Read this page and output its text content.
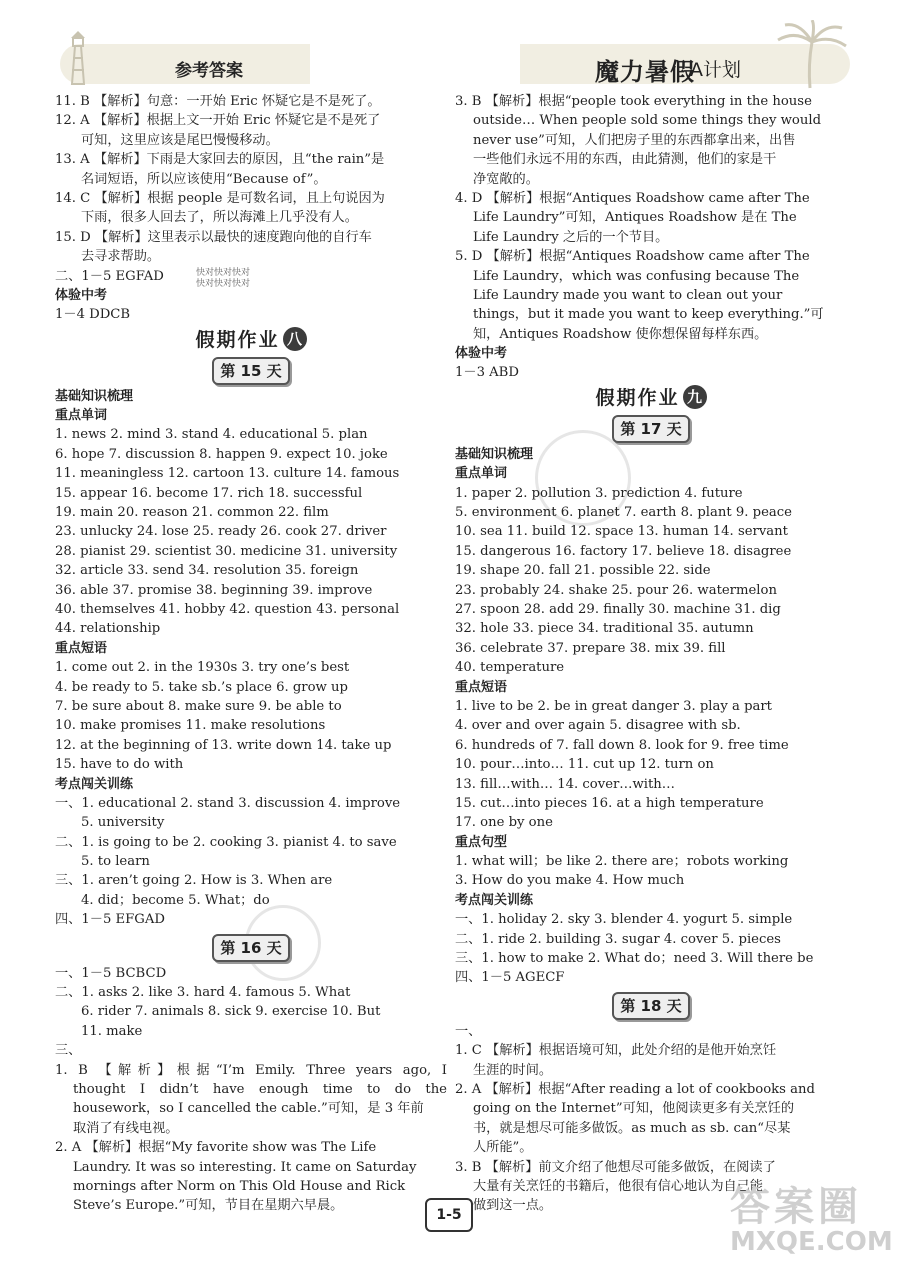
参考答案	魔力暑假
A计划
11. B 【解析】句意：一开始 Eric 怀疑它是不是死了。
12. A 【解析】根据上文一开始 Eric 怀疑它是不是死了
可知，这里应该是尾巴慢慢移动。
13. A 【解析】下雨是大家回去的原因，且“the rain”是
名词短语，所以应该使用“Because of”。
14. C 【解析】根据 people 是可数名词，且上句说因为
下雨，很多人回去了，所以海滩上几乎没有人。
15. D 【解析】这里表示以最快的速度跑向他的自行车
去寻求帮助。
二、1－5 EGFAD
体验中考
1－4 DDCB
假期作业 八
第 15 天
基础知识梳理
重点单词
1. news 2. mind 3. stand 4. educational 5. plan
6. hope 7. discussion 8. happen 9. expect 10. joke
11. meaningless 12. cartoon 13. culture 14. famous
15. appear 16. become 17. rich 18. successful
19. main 20. reason 21. common 22. film
23. unlucky 24. lose 25. ready 26. cook 27. driver
28. pianist 29. scientist 30. medicine 31. university
32. article 33. send 34. resolution 35. foreign
36. able 37. promise 38. beginning 39. improve
40. themselves 41. hobby 42. question 43. personal
44. relationship
重点短语
1. come out 2. in the 1930s 3. try one’s best
4. be ready to 5. take sb.’s place 6. grow up
7. be sure about 8. make sure 9. be able to
10. make promises 11. make resolutions
12. at the beginning of 13. write down 14. take up
15. have to do with
考点闯关训练
一、1. educational 2. stand 3. discussion 4. improve
5. university
二、1. is going to be 2. cooking 3. pianist 4. to save
5. to learn
三、1. aren’t going 2. How is 3. When are
4. did；become 5. What；do
四、1－5 EFGAD
第 16 天
一、1－5 BCBCD
二、1. asks 2. like 3. hard 4. famous 5. What
6. rider 7. animals 8. sick 9. exercise 10. But
11. make
三、
1. B 【解析】根据“I’m Emily. Three years ago, I
thought I didn’t have enough time to do the
housework，so I cancelled the cable.”可知，是 3 年前
取消了有线电视。
2. A 【解析】根据“My favorite show was The Life
Laundry. It was so interesting. It came on Saturday
mornings after Norm on This Old House and Rick
Steve’s Europe.”可知，节目在星期六早晨。
3. B 【解析】根据“people took everything in the house
outside… When people sold some things they would
never use”可知，人们把房子里的东西都拿出来，出售
一些他们永远不用的东西，由此猜测，他们的家是干
净宽敞的。
4. D 【解析】根据“Antiques Roadshow came after The
Life Laundry”可知，Antiques Roadshow 是在 The
Life Laundry 之后的一个节目。
5. D 【解析】根据“Antiques Roadshow came after The
Life Laundry，which was confusing because The
Life Laundry made you want to clean out your
things，but it made you want to keep everything.”可
知，Antiques Roadshow 使你想保留每样东西。
体验中考
1－3 ABD
假期作业 九
第 17 天
基础知识梳理
重点单词
1. paper 2. pollution 3. prediction 4. future
5. environment 6. planet 7. earth 8. plant 9. peace
10. sea 11. build 12. space 13. human 14. servant
15. dangerous 16. factory 17. believe 18. disagree
19. shape 20. fall 21. possible 22. side
23. probably 24. shake 25. pour 26. watermelon
27. spoon 28. add 29. finally 30. machine 31. dig
32. hole 33. piece 34. traditional 35. autumn
36. celebrate 37. prepare 38. mix 39. fill
40. temperature
重点短语
1. live to be 2. be in great danger 3. play a part
4. over and over again 5. disagree with sb.
6. hundreds of 7. fall down 8. look for 9. free time
10. pour…into… 11. cut up 12. turn on
13. fill…with… 14. cover…with…
15. cut…into pieces 16. at a high temperature
17. one by one
重点句型
1. what will；be like 2. there are；robots working
3. How do you make 4. How much
考点闯关训练
一、1. holiday 2. sky 3. blender 4. yogurt 5. simple
二、1. ride 2. building 3. sugar 4. cover 5. pieces
三、1. how to make 2. What do；need 3. Will there be
四、1－5 AGECF
第 18 天
一、
1. C 【解析】根据语境可知，此处介绍的是他开始烹饪
生涯的时间。
2. A 【解析】根据“After reading a lot of cookbooks and
going on the Internet”可知，他阅读更多有关烹饪的
书，就是想尽可能多做饭。as much as sb. can“尽某
人所能”。
3. B 【解析】前文介绍了他想尽可能多做饭，在阅读了
大量有关烹饪的书籍后，他很有信心地认为自己能
做到这一点。
快对快对快对
快对快对快对
1-5	答案圈
MXQE.COM
